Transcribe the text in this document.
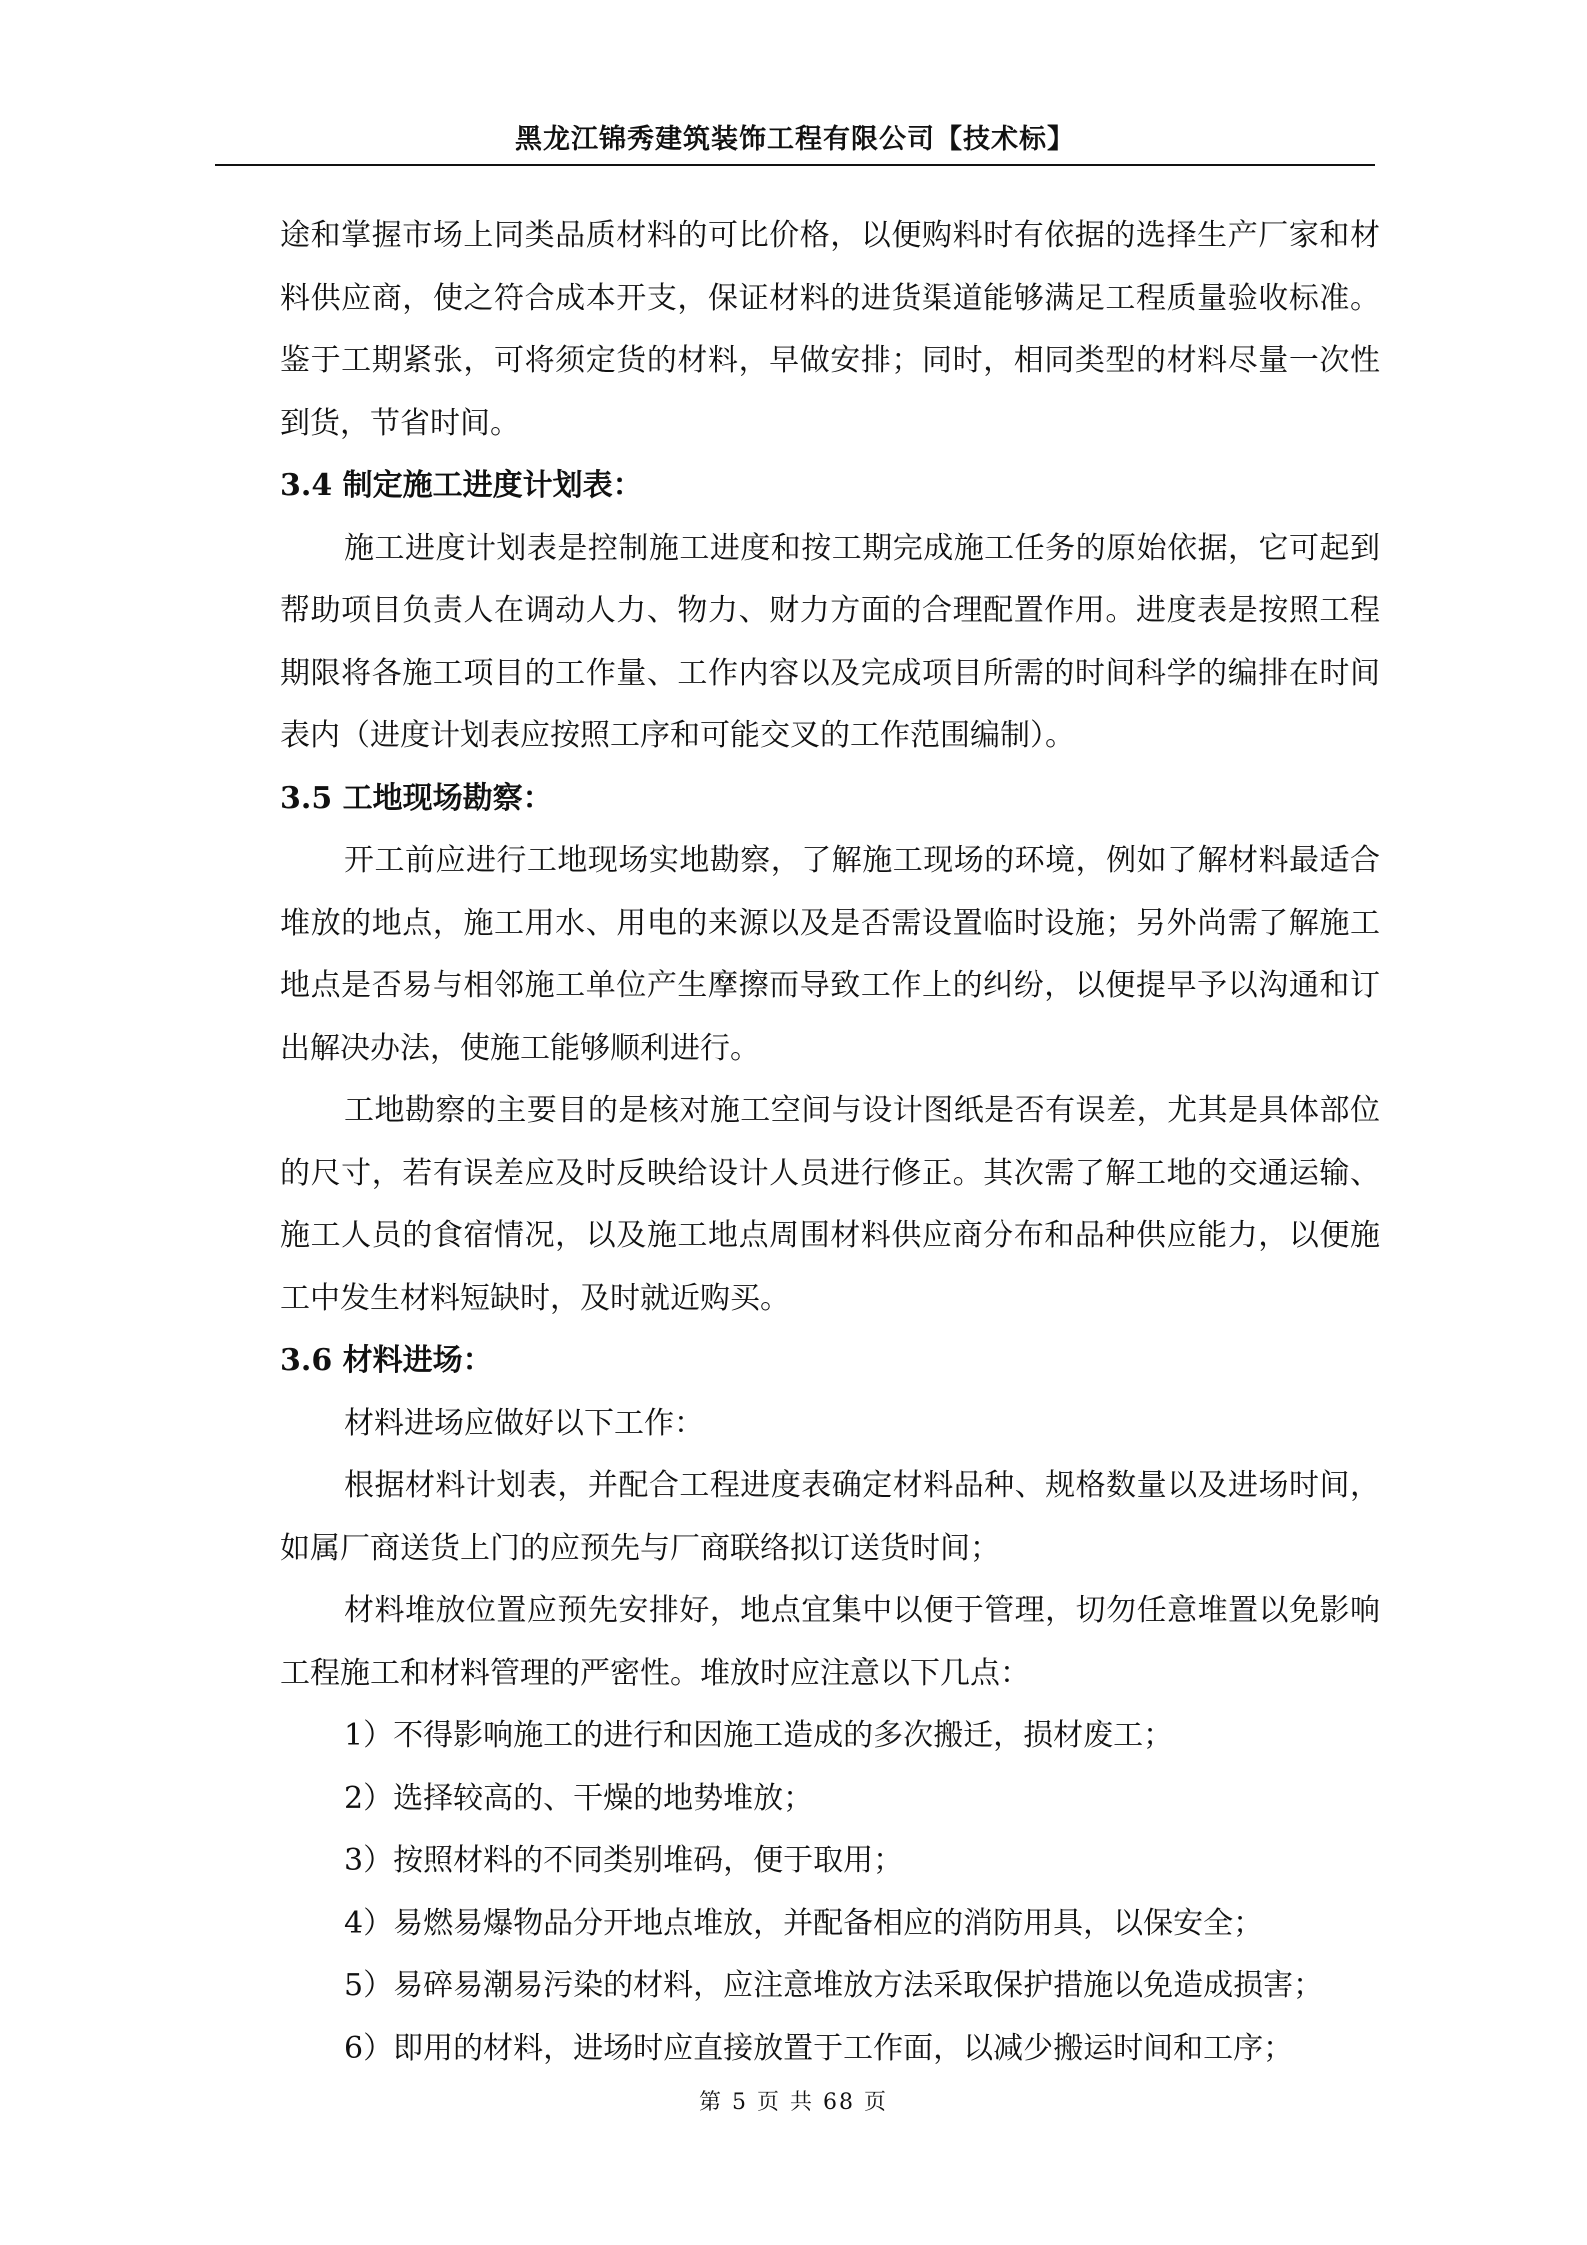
黑龙江锦秀建筑装饰工程有限公司【技术标】

途和掌握市场上同类品质材料的可比价格，以便购料时有依据的选择生产厂家和材料供应商，使之符合成本开支，保证材料的进货渠道能够满足工程质量验收标准。鉴于工期紧张，可将须定货的材料，早做安排；同时，相同类型的材料尽量一次性到货，节省时间。

3.4 制定施工进度计划表：

施工进度计划表是控制施工进度和按工期完成施工任务的原始依据，它可起到帮助项目负责人在调动人力、物力、财力方面的合理配置作用。进度表是按照工程期限将各施工项目的工作量、工作内容以及完成项目所需的时间科学的编排在时间表内（进度计划表应按照工序和可能交叉的工作范围编制）。

3.5 工地现场勘察：

开工前应进行工地现场实地勘察，了解施工现场的环境，例如了解材料最适合堆放的地点，施工用水、用电的来源以及是否需设置临时设施；另外尚需了解施工地点是否易与相邻施工单位产生摩擦而导致工作上的纠纷，以便提早予以沟通和订出解决办法，使施工能够顺利进行。

工地勘察的主要目的是核对施工空间与设计图纸是否有误差，尤其是具体部位的尺寸，若有误差应及时反映给设计人员进行修正。其次需了解工地的交通运输、施工人员的食宿情况，以及施工地点周围材料供应商分布和品种供应能力，以便施工中发生材料短缺时，及时就近购买。

3.6 材料进场：

材料进场应做好以下工作：

根据材料计划表，并配合工程进度表确定材料品种、规格数量以及进场时间，如属厂商送货上门的应预先与厂商联络拟订送货时间；

材料堆放位置应预先安排好，地点宜集中以便于管理，切勿任意堆置以免影响工程施工和材料管理的严密性。堆放时应注意以下几点：

1）不得影响施工的进行和因施工造成的多次搬迁，损材废工；

2）选择较高的、干燥的地势堆放；

3）按照材料的不同类别堆码，便于取用；

4）易燃易爆物品分开地点堆放，并配备相应的消防用具，以保安全；

5）易碎易潮易污染的材料，应注意堆放方法采取保护措施以免造成损害；

6）即用的材料，进场时应直接放置于工作面，以减少搬运时间和工序；

第 5 页 共 68 页
